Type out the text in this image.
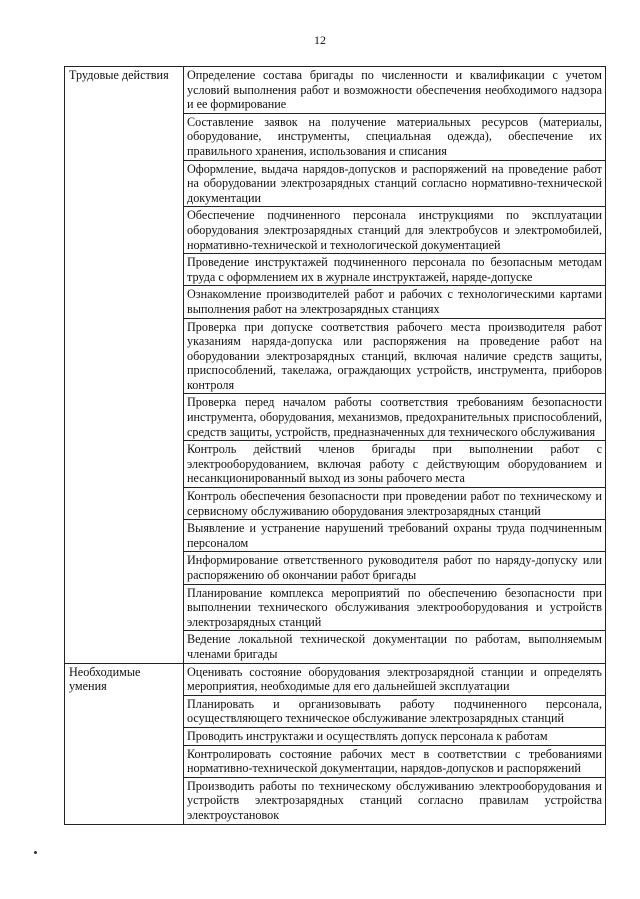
12
Трудовые действия	Определение состава бригады по численности и квалификации с учетом условий выполнения работ и возможности обеспечения необходимого надзора и ее формирование
	Составление заявок на получение материальных ресурсов (материалы, оборудование, инструменты, специальная одежда), обеспечение их правильного хранения, использования и списания
	Оформление, выдача нарядов-допусков и распоряжений на проведение работ на оборудовании электрозарядных станций согласно нормативно-технической документации
	Обеспечение подчиненного персонала инструкциями по эксплуатации оборудования электрозарядных станций для электробусов и электромобилей, нормативно-технической и технологической документацией
	Проведение инструктажей подчиненного персонала по безопасным методам труда с оформлением их в журнале инструктажей, наряде-допуске
	Ознакомление производителей работ и рабочих с технологическими картами выполнения работ на электрозарядных станциях
	Проверка при допуске соответствия рабочего места производителя работ указаниям наряда-допуска или распоряжения на проведение работ на оборудовании электрозарядных станций, включая наличие средств защиты, приспособлений, такелажа, ограждающих устройств, инструмента, приборов контроля
	Проверка перед началом работы соответствия требованиям безопасности инструмента, оборудования, механизмов, предохранительных приспособлений, средств защиты, устройств, предназначенных для технического обслуживания
	Контроль действий членов бригады при выполнении работ с электрооборудованием, включая работу с действующим оборудованием и несанкционированный выход из зоны рабочего места
	Контроль обеспечения безопасности при проведении работ по техническому и сервисному обслуживанию оборудования электрозарядных станций
	Выявление и устранение нарушений требований охраны труда подчиненным персоналом
	Информирование ответственного руководителя работ по наряду-допуску или распоряжению об окончании работ бригады
	Планирование комплекса мероприятий по обеспечению безопасности при выполнении технического обслуживания электрооборудования и устройств электрозарядных станций
	Ведение локальной технической документации по работам, выполняемым членами бригады
Необходимые умения	Оценивать состояние оборудования электрозарядной станции и определять мероприятия, необходимые для его дальнейшей эксплуатации
	Планировать и организовывать работу подчиненного персонала, осуществляющего техническое обслуживание электрозарядных станций
	Проводить инструктажи и осуществлять допуск персонала к работам
	Контролировать состояние рабочих мест в соответствии с требованиями нормативно-технической документации, нарядов-допусков и распоряжений
	Производить работы по техническому обслуживанию электрооборудования и устройств электрозарядных станций согласно правилам устройства электроустановок
